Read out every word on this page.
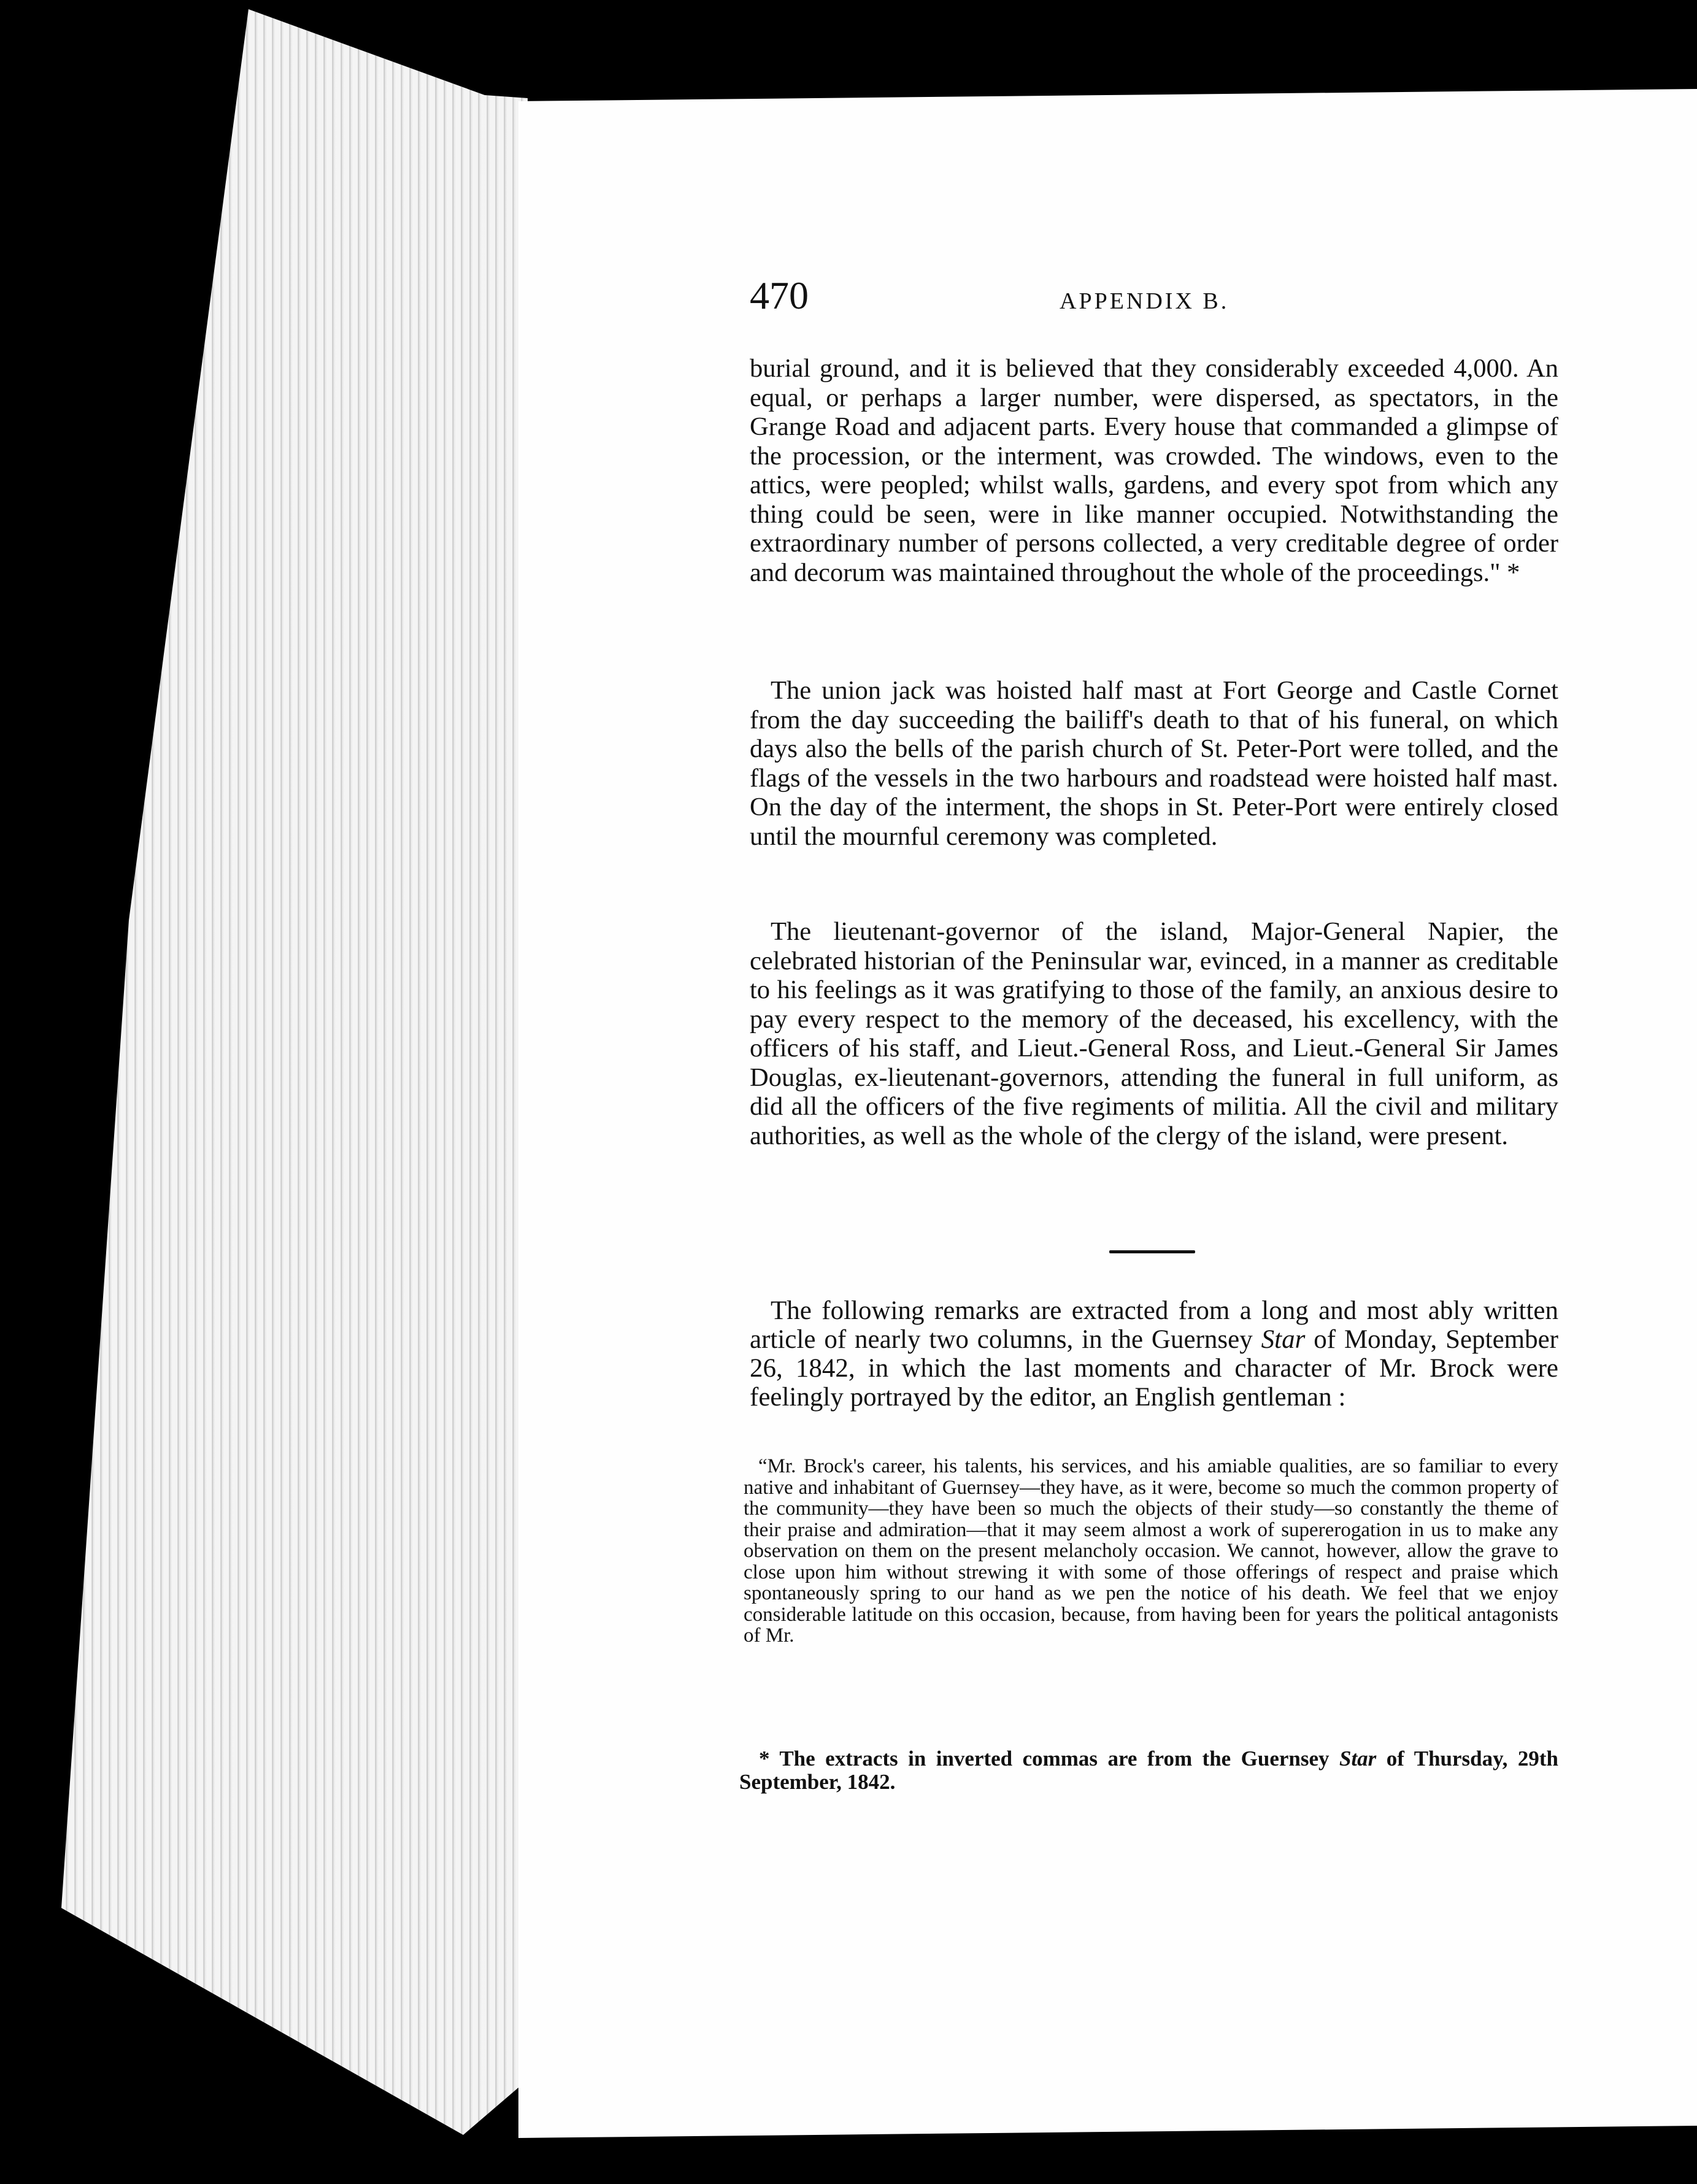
470	APPENDIX B.

burial ground, and it is believed that they considerably exceeded 4,000. An equal, or perhaps a larger number, were dispersed, as spectators, in the Grange Road and adjacent parts. Every house that commanded a glimpse of the procession, or the interment, was crowded. The windows, even to the attics, were peopled; whilst walls, gardens, and every spot from which any thing could be seen, were in like manner occupied. Notwithstanding the extraordinary number of persons collected, a very creditable degree of order and decorum was maintained throughout the whole of the proceedings." *

The union jack was hoisted half mast at Fort George and Castle Cornet from the day succeeding the bailiff's death to that of his funeral, on which days also the bells of the parish church of St. Peter-Port were tolled, and the flags of the vessels in the two harbours and roadstead were hoisted half mast. On the day of the interment, the shops in St. Peter-Port were entirely closed until the mournful ceremony was completed.

The lieutenant-governor of the island, Major-General Napier, the celebrated historian of the Peninsular war, evinced, in a manner as creditable to his feelings as it was gratifying to those of the family, an anxious desire to pay every respect to the memory of the deceased, his excellency, with the officers of his staff, and Lieut.-General Ross, and Lieut.-General Sir James Douglas, ex-lieutenant-governors, attending the funeral in full uniform, as did all the officers of the five regiments of militia. All the civil and military authorities, as well as the whole of the clergy of the island, were present.

The following remarks are extracted from a long and most ably written article of nearly two columns, in the Guernsey Star of Monday, September 26, 1842, in which the last moments and character of Mr. Brock were feelingly portrayed by the editor, an English gentleman :

“Mr. Brock's career, his talents, his services, and his amiable qualities, are so familiar to every native and inhabitant of Guernsey—they have, as it were, become so much the common property of the community—they have been so much the objects of their study—so constantly the theme of their praise and admiration—that it may seem almost a work of supererogation in us to make any observation on them on the present melancholy occasion. We cannot, however, allow the grave to close upon him without strewing it with some of those offerings of respect and praise which spontaneously spring to our hand as we pen the notice of his death. We feel that we enjoy considerable latitude on this occasion, because, from having been for years the political antagonists of Mr.

* The extracts in inverted commas are from the Guernsey Star of Thursday, 29th September, 1842.
